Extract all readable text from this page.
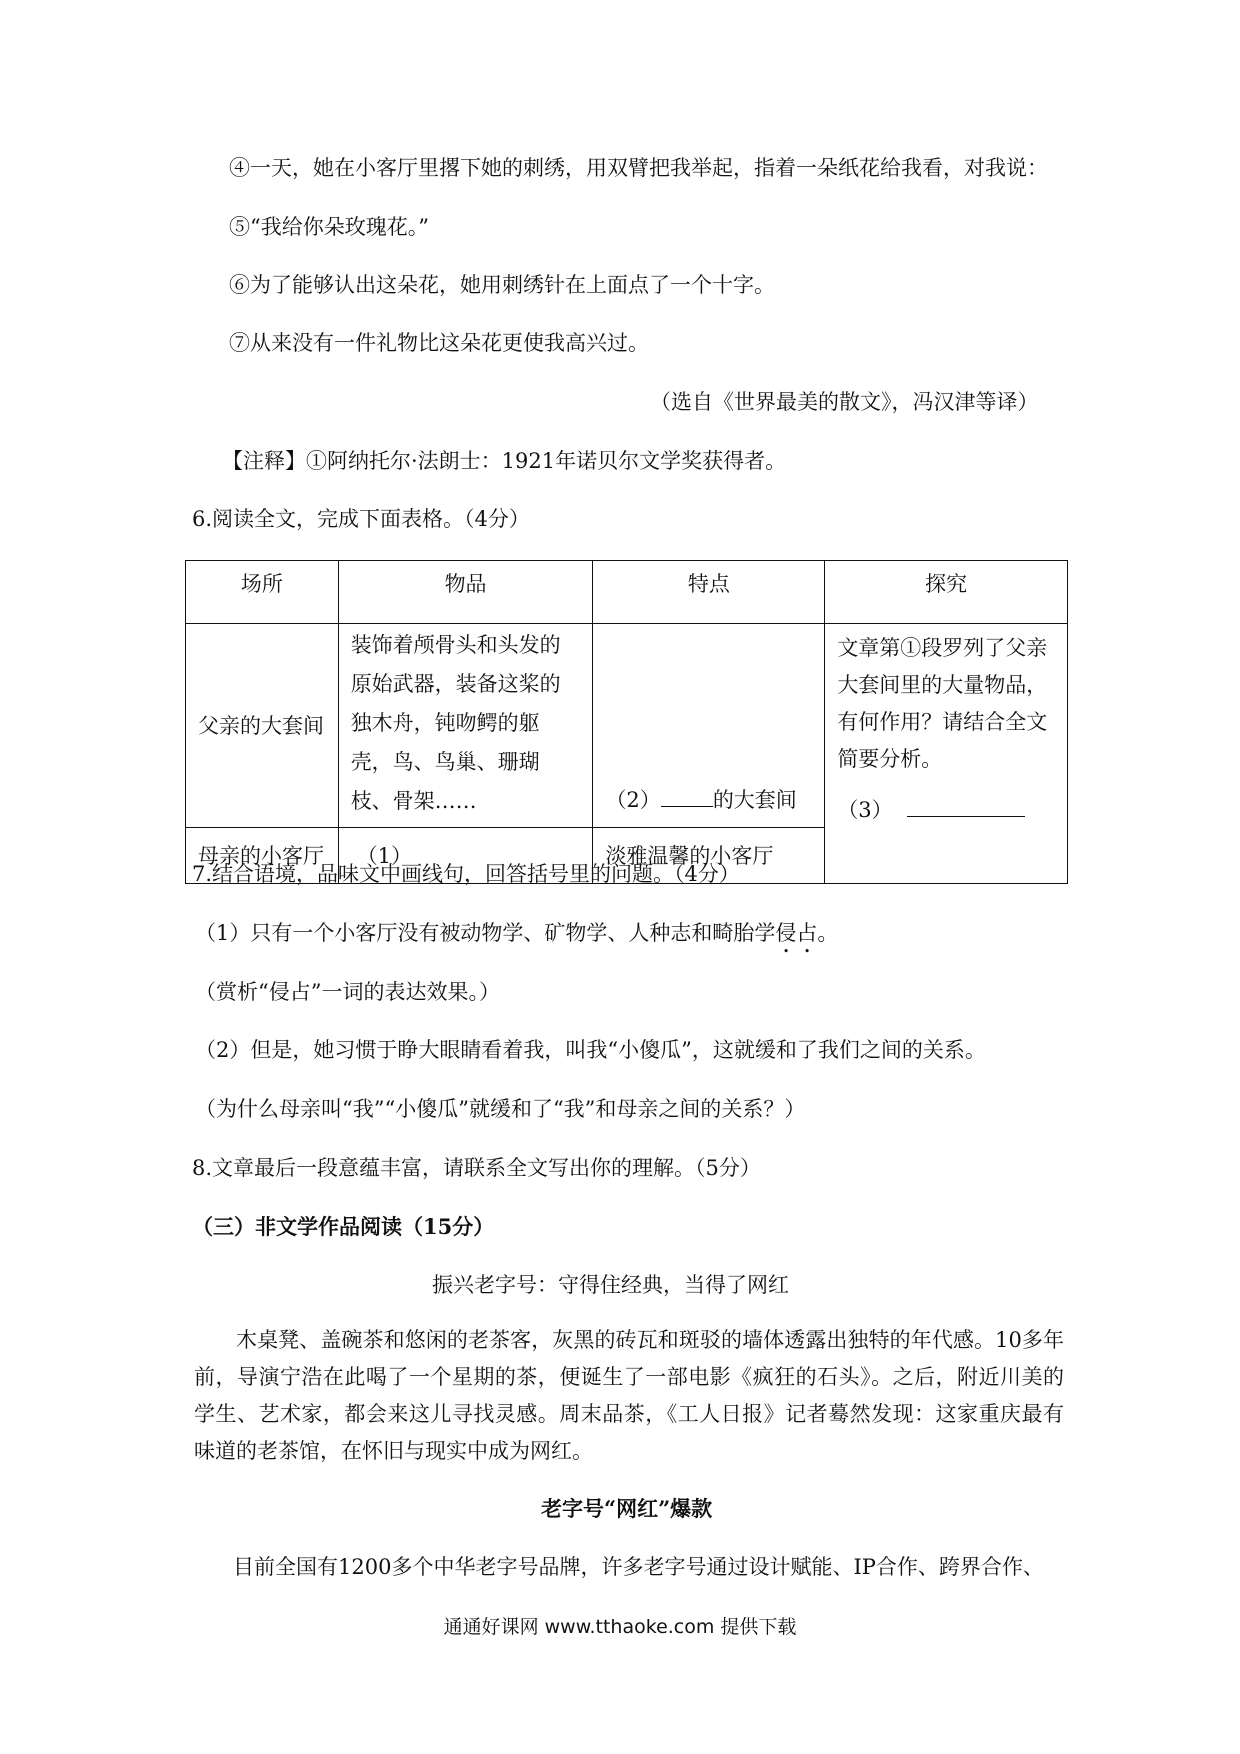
④一天，她在小客厅里撂下她的刺绣，用双臂把我举起，指着一朵纸花给我看，对我说：
⑤“我给你朵玫瑰花。”
⑥为了能够认出这朵花，她用刺绣针在上面点了一个十字。
⑦从来没有一件礼物比这朵花更使我高兴过。
（选自《世界最美的散文》，冯汉津等译）
【注释】①阿纳托尔·法朗士：1921年诺贝尔文学奖获得者。
6.阅读全文，完成下面表格。（4分）
场所	物品	特点	探究
父亲的大套间	装饰着颅骨头和头发的原始武器，装备这桨的独木舟，钝吻鳄的躯壳，鸟、鸟巢、珊瑚枝、骨架……	（2） 的大套间	文章第①段罗列了父亲大套间里的大量物品，有何作用？请结合全文简要分析。
（3）

母亲的小客厅	（1）	淡雅温馨的小客厅	
7.结合语境，品味文中画线句，回答括号里的问题。（4分）
（1）只有一个小客厅没有被动物学、矿物学、人种志和畸胎学侵占。
（赏析“侵占”一词的表达效果。）
（2）但是，她习惯于睁大眼睛看着我，叫我“小傻瓜”，这就缓和了我们之间的关系。
（为什么母亲叫“我”“小傻瓜”就缓和了“我”和母亲之间的关系？）
8.文章最后一段意蕴丰富，请联系全文写出你的理解。（5分）
（三）非文学作品阅读（15分）
振兴老字号：守得住经典，当得了网红
木桌凳、盖碗茶和悠闲的老茶客，灰黑的砖瓦和斑驳的墙体透露出独特的年代感。10多年前，导演宁浩在此喝了一个星期的茶，便诞生了一部电影《疯狂的石头》。之后，附近川美的学生、艺术家，都会来这儿寻找灵感。周末品茶，《工人日报》记者蓦然发现：这家重庆最有味道的老茶馆，在怀旧与现实中成为网红。
老字号“网红”爆款
目前全国有1200多个中华老字号品牌，许多老字号通过设计赋能、IP合作、跨界合作、
通通好课网 www.tthaoke.com 提供下载
